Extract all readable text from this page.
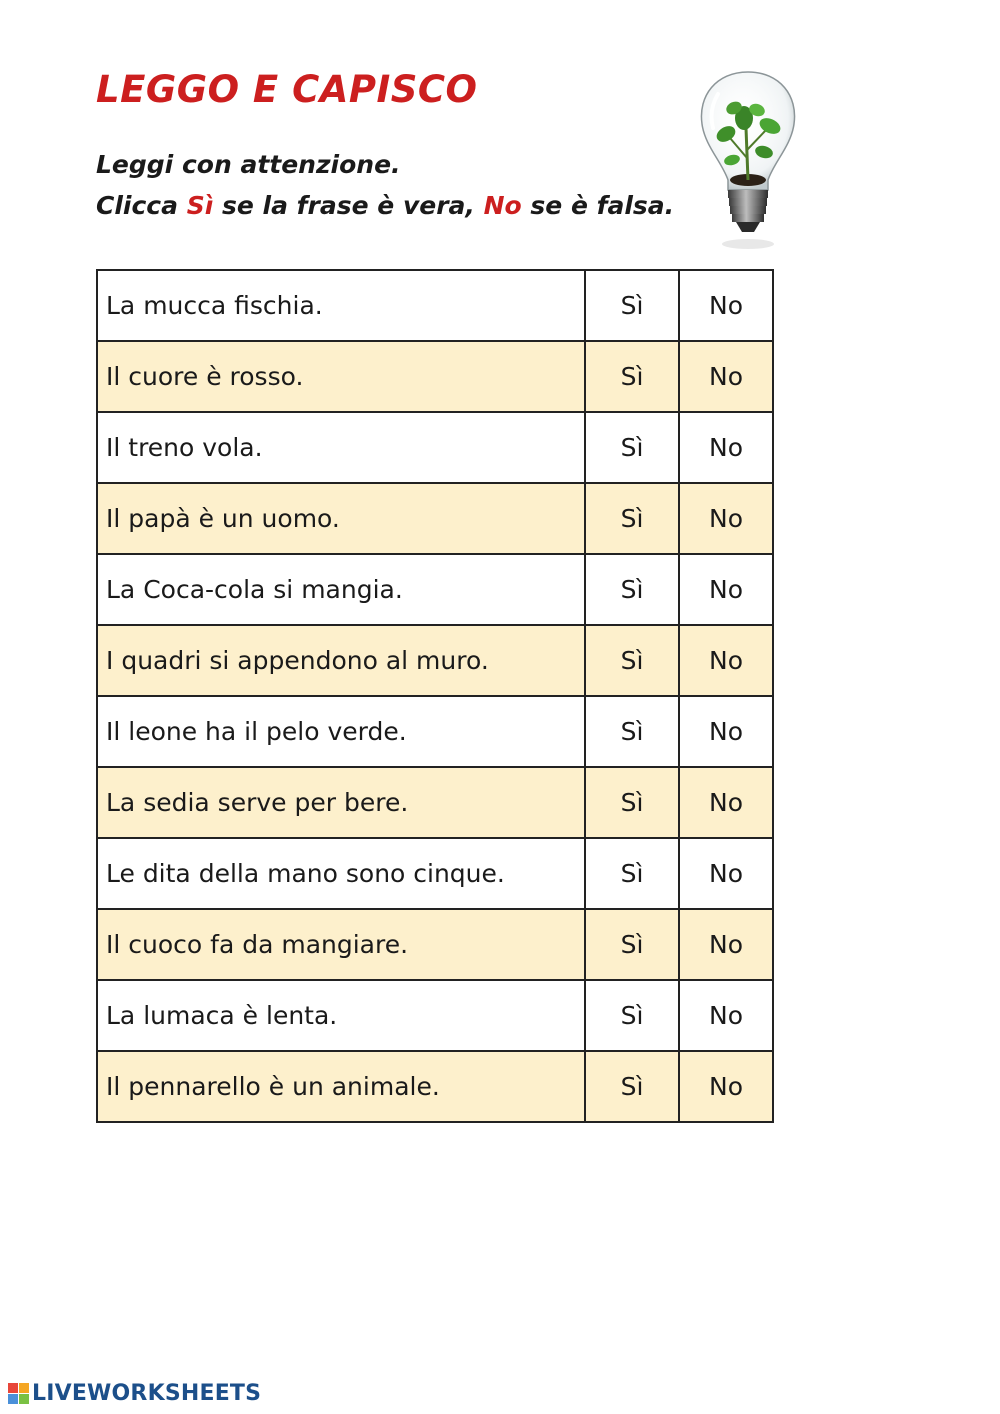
LEGGO E CAPISCO
Leggi con attenzione.
Clicca Sì se la frase è vera, No se è falsa.
La mucca fischia.	Sì	No
Il cuore è rosso.	Sì	No
Il treno vola.	Sì	No
Il papà è un uomo.	Sì	No
La Coca-cola si mangia.	Sì	No
I quadri si appendono al muro.	Sì	No
Il leone ha il pelo verde.	Sì	No
La sedia serve per bere.	Sì	No
Le dita della mano sono cinque.	Sì	No
Il cuoco fa da mangiare.	Sì	No
La lumaca è lenta.	Sì	No
Il pennarello è un animale.	Sì	No
LIVEWORKSHEETS
